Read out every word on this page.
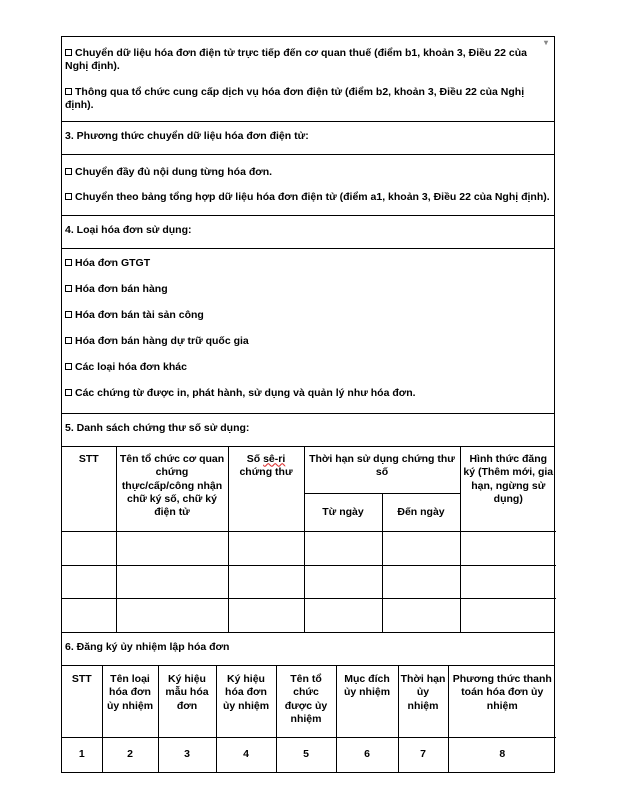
▾
Chuyển dữ liệu hóa đơn điện tử trực tiếp đến cơ quan thuế (điểm b1, khoản 3, Điều 22 của Nghị định).
Thông qua tổ chức cung cấp dịch vụ hóa đơn điện tử (điểm b2, khoản 3, Điều 22 của Nghị định).
3. Phương thức chuyển dữ liệu hóa đơn điện tử:
Chuyển đầy đủ nội dung từng hóa đơn.
Chuyển theo bảng tổng hợp dữ liệu hóa đơn điện tử (điểm a1, khoản 3, Điều 22 của Nghị định).
4. Loại hóa đơn sử dụng:
Hóa đơn GTGT
Hóa đơn bán hàng
Hóa đơn bán tài sản công
Hóa đơn bán hàng dự trữ quốc gia
Các loại hóa đơn khác
Các chứng từ được in, phát hành, sử dụng và quản lý như hóa đơn.
5. Danh sách chứng thư số sử dụng:
STT	Tên tổ chức cơ quan chứng thực/cấp/công nhận chữ ký số, chữ ký điện tử	Số sê-ri chứng thư	Thời hạn sử dụng chứng thư số		Hình thức đăng ký (Thêm mới, gia hạn, ngừng sử dụng)
			Từ ngày	Đến ngày	

6. Đăng ký ủy nhiệm lập hóa đơn
STT	Tên loại hóa đơn ủy nhiệm	Ký hiệu mẫu hóa đơn	Ký hiệu hóa đơn ủy nhiệm	Tên tổ chức được ủy nhiệm	Mục đích ủy nhiệm	Thời hạn ủy nhiệm	Phương thức thanh toán hóa đơn ủy nhiệm
1	2	3	4	5	6	7	8
